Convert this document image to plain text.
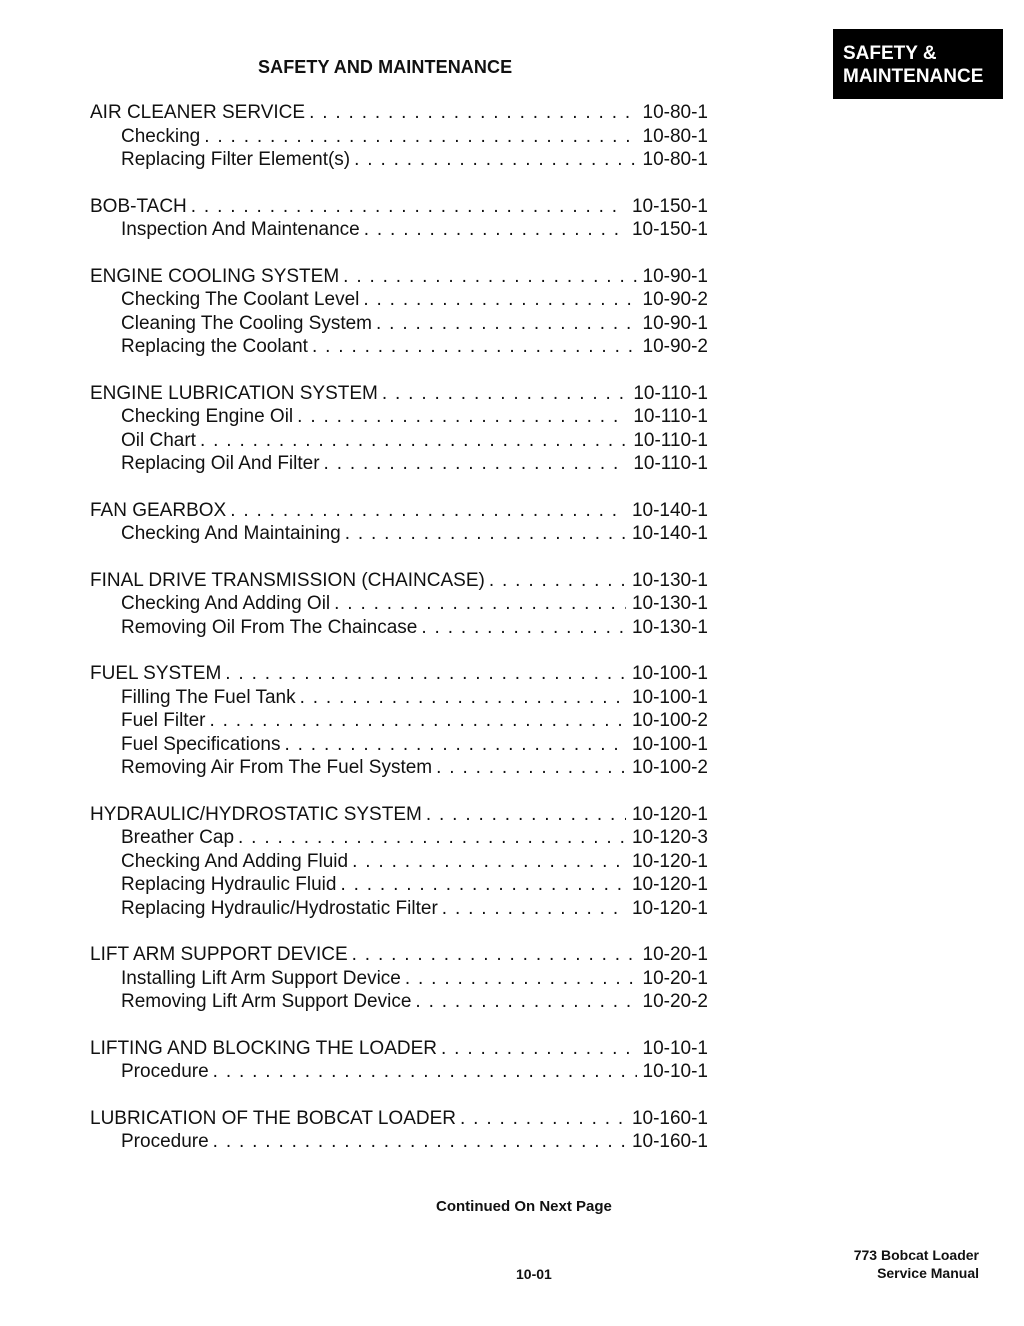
SAFETY &
MAINTENANCE
SAFETY AND MAINTENANCE
AIR CLEANER SERVICE . . .	10-80-1
Checking . . .	10-80-1
Replacing Filter Element(s) . . .	10-80-1
BOB-TACH . . .	10-150-1
Inspection And Maintenance . . .	10-150-1
ENGINE COOLING SYSTEM . . .	10-90-1
Checking The Coolant Level . . .	10-90-2
Cleaning The Cooling System . . .	10-90-1
Replacing the Coolant . . .	10-90-2
ENGINE LUBRICATION SYSTEM . . .	10-110-1
Checking Engine Oil . . .	10-110-1
Oil Chart . . .	10-110-1
Replacing Oil And Filter . . .	10-110-1
FAN GEARBOX . . .	10-140-1
Checking And Maintaining . . .	10-140-1
FINAL DRIVE TRANSMISSION (CHAINCASE) . . .	10-130-1
Checking And Adding Oil . . .	10-130-1
Removing Oil From The Chaincase . . .	10-130-1
FUEL SYSTEM . . .	10-100-1
Filling The Fuel Tank . . .	10-100-1
Fuel Filter . . .	10-100-2
Fuel Specifications . . .	10-100-1
Removing Air From The Fuel System . . .	10-100-2
HYDRAULIC/HYDROSTATIC SYSTEM . . .	10-120-1
Breather Cap . . .	10-120-3
Checking And Adding Fluid . . .	10-120-1
Replacing Hydraulic Fluid . . .	10-120-1
Replacing Hydraulic/Hydrostatic Filter . . .	10-120-1
LIFT ARM SUPPORT DEVICE . . .	10-20-1
Installing Lift Arm Support Device . . .	10-20-1
Removing Lift Arm Support Device . . .	10-20-2
LIFTING AND BLOCKING THE LOADER . . .	10-10-1
Procedure . . .	10-10-1
LUBRICATION OF THE BOBCAT LOADER . . .	10-160-1
Procedure . . .	10-160-1
Continued On Next Page
10-01
773 Bobcat Loader
Service Manual
